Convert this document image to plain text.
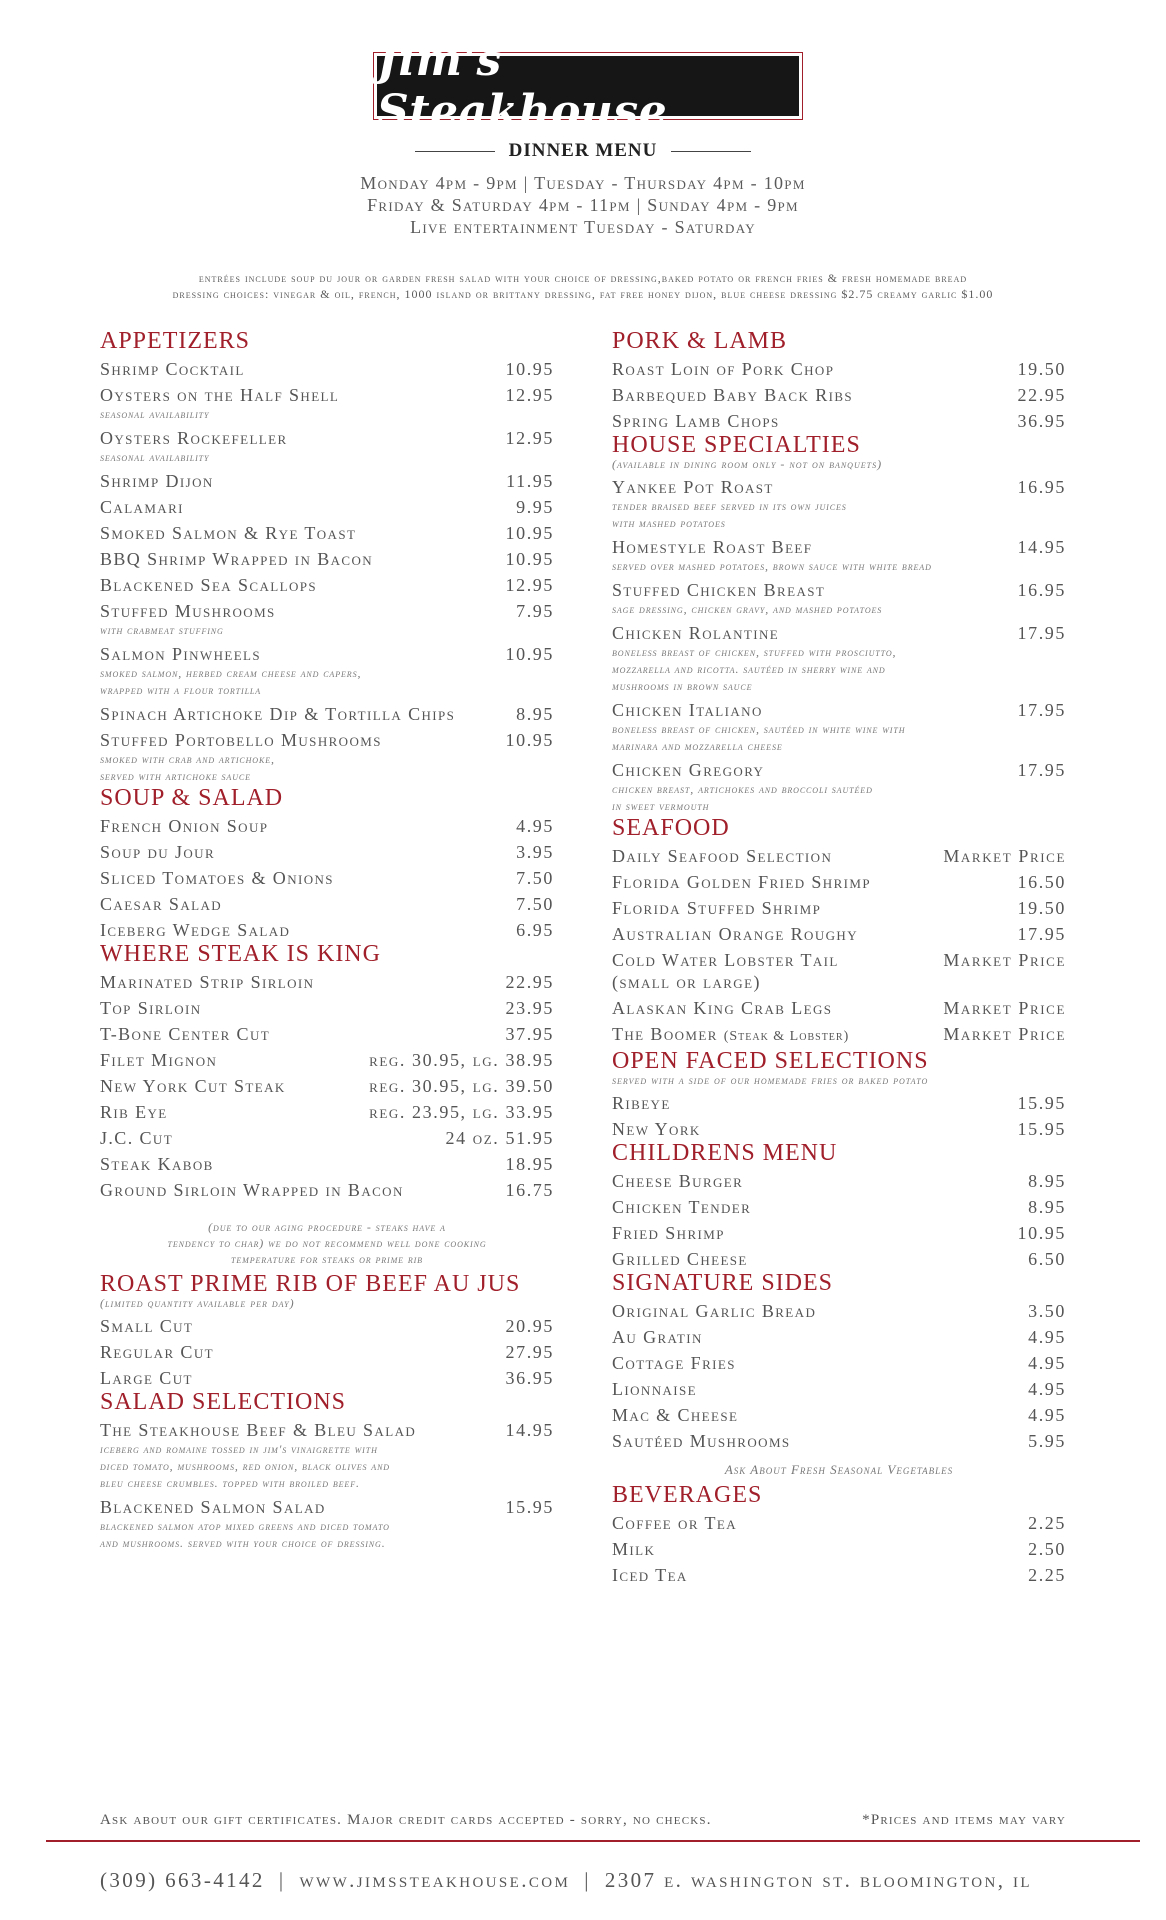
Jim's Steakhouse
DINNER MENU
Monday 4pm - 9pm | Tuesday - Thursday 4pm - 10pm
Friday & Saturday 4pm - 11pm | Sunday 4pm - 9pm
Live entertainment Tuesday - Saturday
entrées include soup du jour or garden fresh salad with your choice of dressing,baked potato or french fries & fresh homemade bread
dressing choices: vinegar & oil, french, 1000 island or brittany dressing, fat free honey dijon, blue cheese dressing $2.75 creamy garlic $1.00
APPETIZERS
Shrimp Cocktail	10.95
Oysters on the Half Shell	12.95
seasonal availability
Oysters Rockefeller	12.95
seasonal availability
Shrimp Dijon	11.95
Calamari	9.95
Smoked Salmon & Rye Toast	10.95
BBQ Shrimp Wrapped in Bacon	10.95
Blackened Sea Scallops	12.95
Stuffed Mushrooms	7.95
with crabmeat stuffing
Salmon Pinwheels	10.95
smoked salmon, herbed cream cheese and capers,
wrapped with a flour tortilla
Spinach Artichoke Dip & Tortilla Chips	8.95
Stuffed Portobello Mushrooms	10.95
smoked with crab and artichoke,
served with artichoke sauce
SOUP & SALAD
French Onion Soup	4.95
Soup du Jour	3.95
Sliced Tomatoes & Onions	7.50
Caesar Salad	7.50
Iceberg Wedge Salad	6.95
WHERE STEAK IS KING
Marinated Strip Sirloin	22.95
Top Sirloin	23.95
T-Bone Center Cut	37.95
Filet Mignon	reg. 30.95, lg. 38.95
New York Cut Steak	reg. 30.95, lg. 39.50
Rib Eye	reg. 23.95, lg. 33.95
J.C. Cut	24 oz. 51.95
Steak Kabob	18.95
Ground Sirloin Wrapped in Bacon	16.75
(due to our aging procedure - steaks have a
tendency to char) we do not recommend well done cooking
temperature for steaks or prime rib
ROAST PRIME RIB OF BEEF AU JUS
(limited quantity available per day)
Small Cut	20.95
Regular Cut	27.95
Large Cut	36.95
SALAD SELECTIONS
The Steakhouse Beef & Bleu Salad	14.95
iceberg and romaine tossed in jim's vinaigrette with
diced tomato, mushrooms, red onion, black olives and
bleu cheese crumbles. topped with broiled beef.
Blackened Salmon Salad	15.95
blackened salmon atop mixed greens and diced tomato
and mushrooms. served with your choice of dressing.
PORK & LAMB
Roast Loin of Pork Chop	19.50
Barbequed Baby Back Ribs	22.95
Spring Lamb Chops	36.95
HOUSE SPECIALTIES
(available in dining room only - not on banquets)
Yankee Pot Roast	16.95
tender braised beef served in its own juices
with mashed potatoes
Homestyle Roast Beef	14.95
served over mashed potatoes, brown sauce with white bread
Stuffed Chicken Breast	16.95
sage dressing, chicken gravy, and mashed potatoes
Chicken Rolantine	17.95
boneless breast of chicken, stuffed with prosciutto,
mozzarella and ricotta. sautéed in sherry wine and
mushrooms in brown sauce
Chicken Italiano	17.95
boneless breast of chicken, sautéed in white wine with
marinara and mozzarella cheese
Chicken Gregory	17.95
chicken breast, artichokes and broccoli sautéed
in sweet vermouth
SEAFOOD
Daily Seafood Selection	Market Price
Florida Golden Fried Shrimp	16.50
Florida Stuffed Shrimp	19.50
Australian Orange Roughy	17.95
Cold Water Lobster Tail	Market Price
(small or large)
Alaskan King Crab Legs	Market Price
The Boomer (Steak & Lobster)	Market Price
OPEN FACED SELECTIONS
served with a side of our homemade fries or baked potato
Ribeye	15.95
New York	15.95
CHILDRENS MENU
Cheese Burger	8.95
Chicken Tender	8.95
Fried Shrimp	10.95
Grilled Cheese	6.50
SIGNATURE SIDES
Original Garlic Bread	3.50
Au Gratin	4.95
Cottage Fries	4.95
Lionnaise	4.95
Mac & Cheese	4.95
Sautéed Mushrooms	5.95
Ask About Fresh Seasonal Vegetables
BEVERAGES
Coffee or Tea	2.25
Milk	2.50
Iced Tea	2.25
Ask about our gift certificates. Major credit cards accepted - sorry, no checks.	*Prices and items may vary
(309) 663-4142 | www.jimssteakhouse.com | 2307 e. washington st. bloomington, il
